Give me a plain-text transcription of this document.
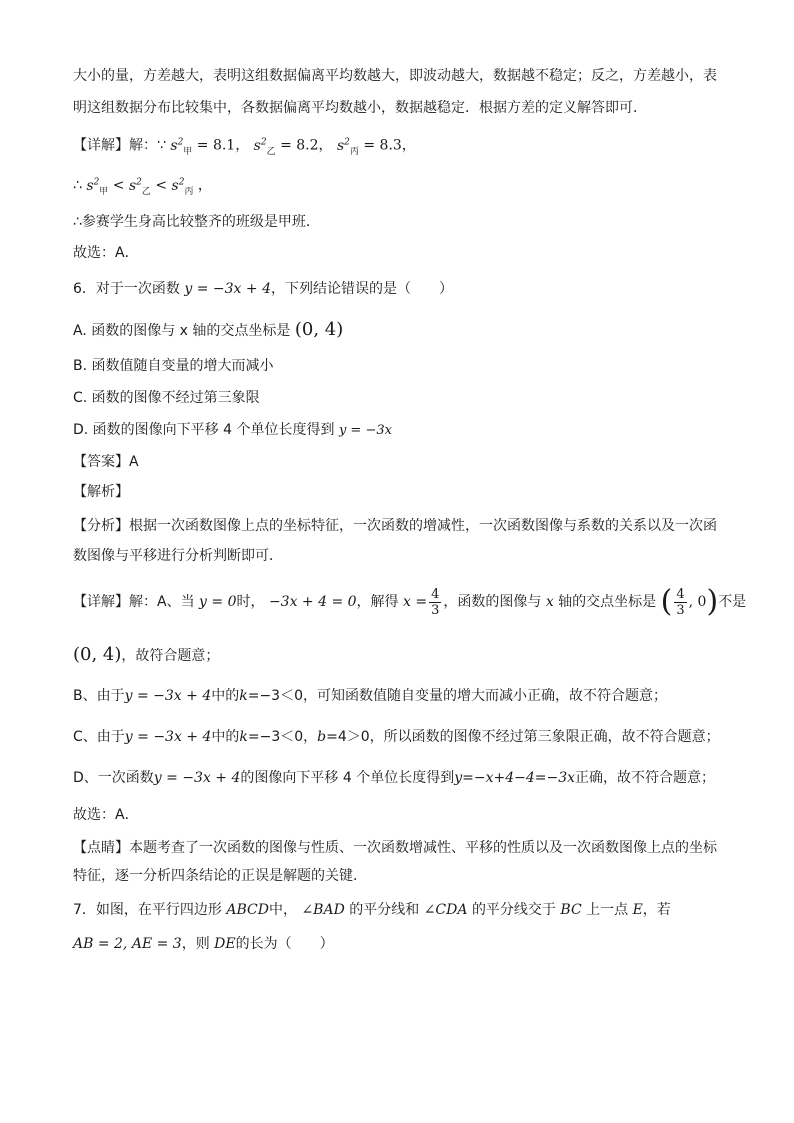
大小的量，方差越大，表明这组数据偏离平均数越大，即波动越大，数据越不稳定；反之，方差越小，表
明这组数据分布比较集中，各数据偏离平均数越小，数据越稳定．根据方差的定义解答即可．
【详解】解：∵ $s^2_甲 = 8.1$， $s^2_乙 = 8.2$， $s^2_丙 = 8.3$，
∴ $s^2_甲 < s^2_乙 < s^2_丙$ ，
∴参赛学生身高比较整齐的班级是甲班．
故选：A．
6．对于一次函数 y = −3x + 4，下列结论错误的是（　　）
A. 函数的图像与 x 轴的交点坐标是 (0, 4)
B. 函数值随自变量的增大而减小
C. 函数的图像不经过第三象限
D. 函数的图像向下平移 4 个单位长度得到 y = −3x
【答案】A
【解析】
【分析】根据一次函数图像上点的坐标特征，一次函数的增减性，一次函数图像与系数的关系以及一次函
数图像与平移进行分析判断即可．
【详解】解：A、当 y = 0时， −3x + 4 = 0，解得 $x = \frac{4}{3}$ ，函数的图像与 x 轴的交点坐标是 ( $\frac{4}{3}$ , 0)不是
(0, 4)，故符合题意；
B、由于y = −3x + 4中的k=−3＜0，可知函数值随自变量的增大而减小正确，故不符合题意；
C、由于y = −3x + 4中的k=−3＜0，b=4＞0，所以函数的图像不经过第三象限正确，故不符合题意；
D、一次函数y = −3x + 4的图像向下平移 4 个单位长度得到y=−x+4−4=−3x正确，故不符合题意；
故选：A．
【点睛】本题考查了一次函数的图像与性质、一次函数增减性、平移的性质以及一次函数图像上点的坐标
特征，逐一分析四条结论的正误是解题的关键．
7．如图，在平行四边形 ABCD中， ∠BAD 的平分线和 ∠CDA 的平分线交于 BC 上一点 E，若
AB = 2, AE = 3，则 DE的长为（　　）
